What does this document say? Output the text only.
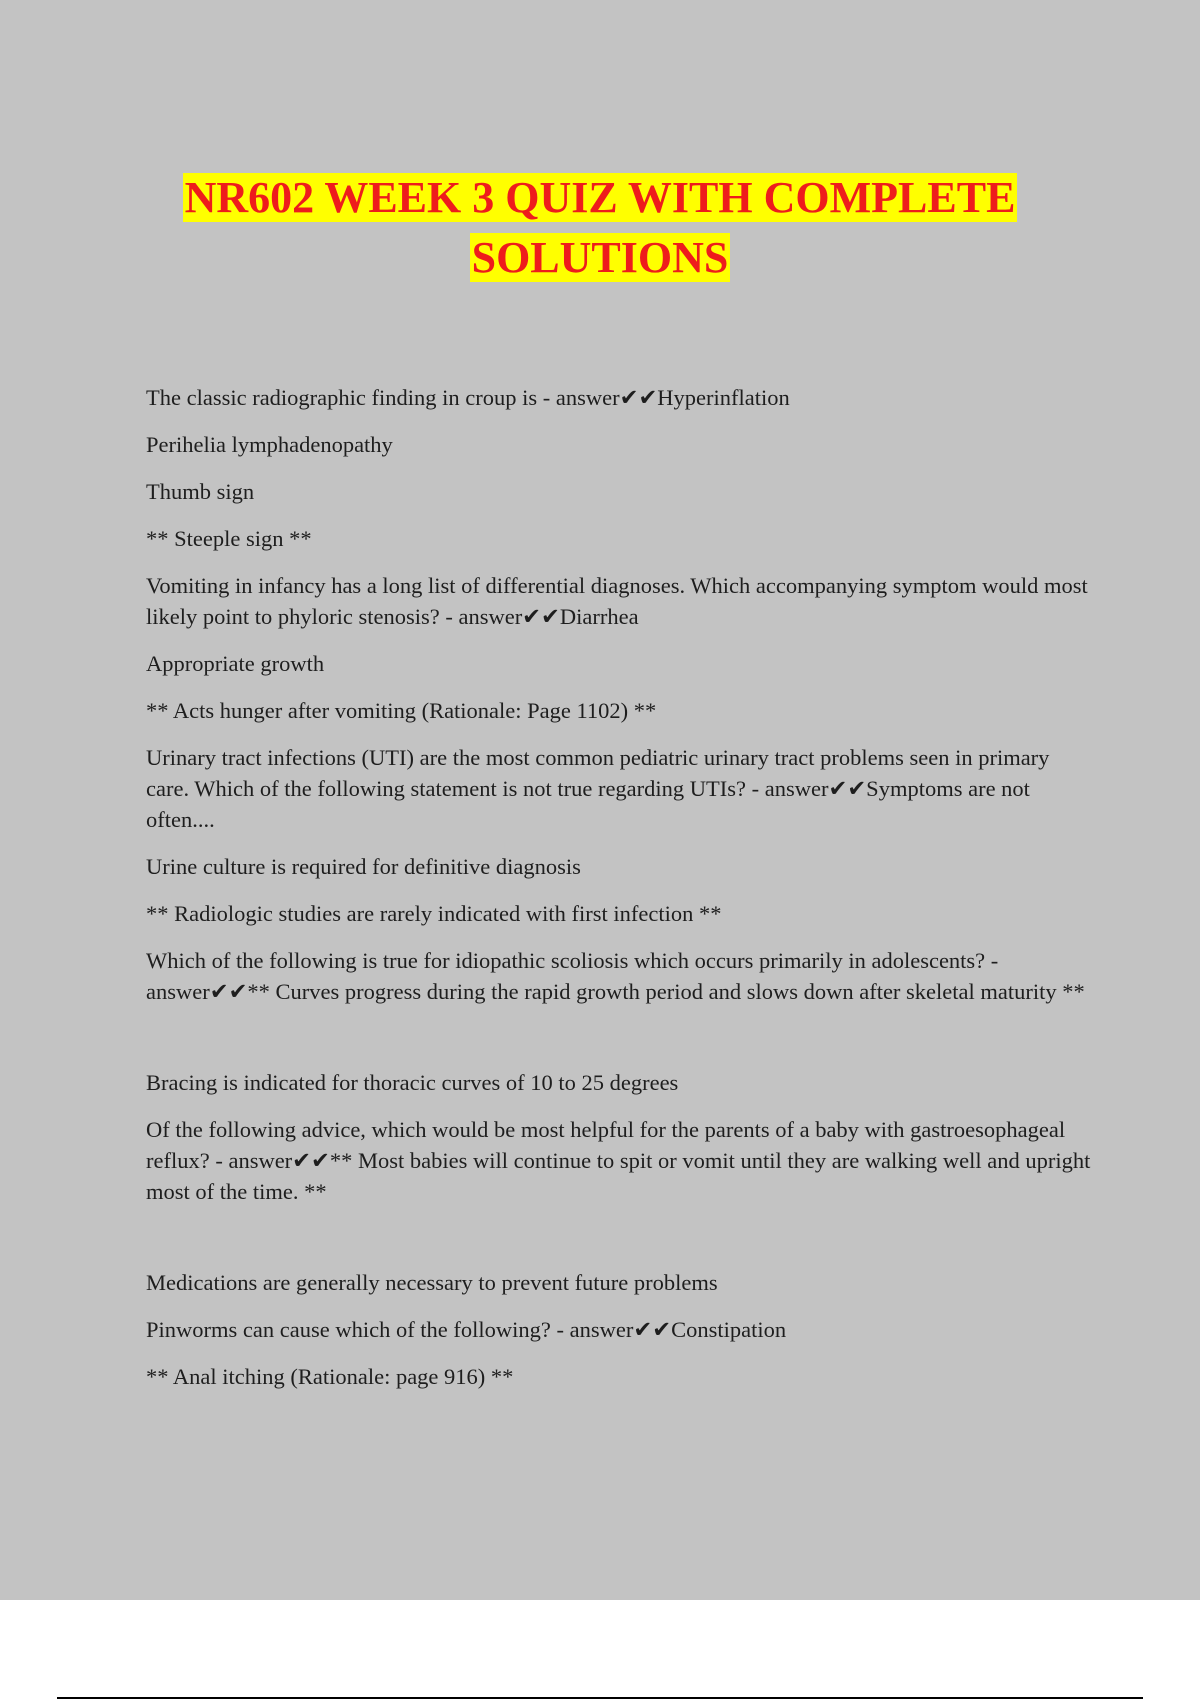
NR602 WEEK 3 QUIZ WITH COMPLETE
SOLUTIONS

The classic radiographic finding in croup is - answer✔✔Hyperinflation

Perihelia lymphadenopathy

Thumb sign

** Steeple sign **

Vomiting in infancy has a long list of differential diagnoses. Which accompanying symptom would most likely point to phyloric stenosis? - answer✔✔Diarrhea

Appropriate growth

** Acts hunger after vomiting (Rationale: Page 1102) **

Urinary tract infections (UTI) are the most common pediatric urinary tract problems seen in primary care. Which of the following statement is not true regarding UTIs? - answer✔✔Symptoms are not often....

Urine culture is required for definitive diagnosis

** Radiologic studies are rarely indicated with first infection **

Which of the following is true for idiopathic scoliosis which occurs primarily in adolescents? - answer✔✔** Curves progress during the rapid growth period and slows down after skeletal maturity **

Bracing is indicated for thoracic curves of 10 to 25 degrees

Of the following advice, which would be most helpful for the parents of a baby with gastroesophageal reflux? - answer✔✔** Most babies will continue to spit or vomit until they are walking well and upright most of the time. **

Medications are generally necessary to prevent future problems

Pinworms can cause which of the following? - answer✔✔Constipation

** Anal itching (Rationale: page 916) **
